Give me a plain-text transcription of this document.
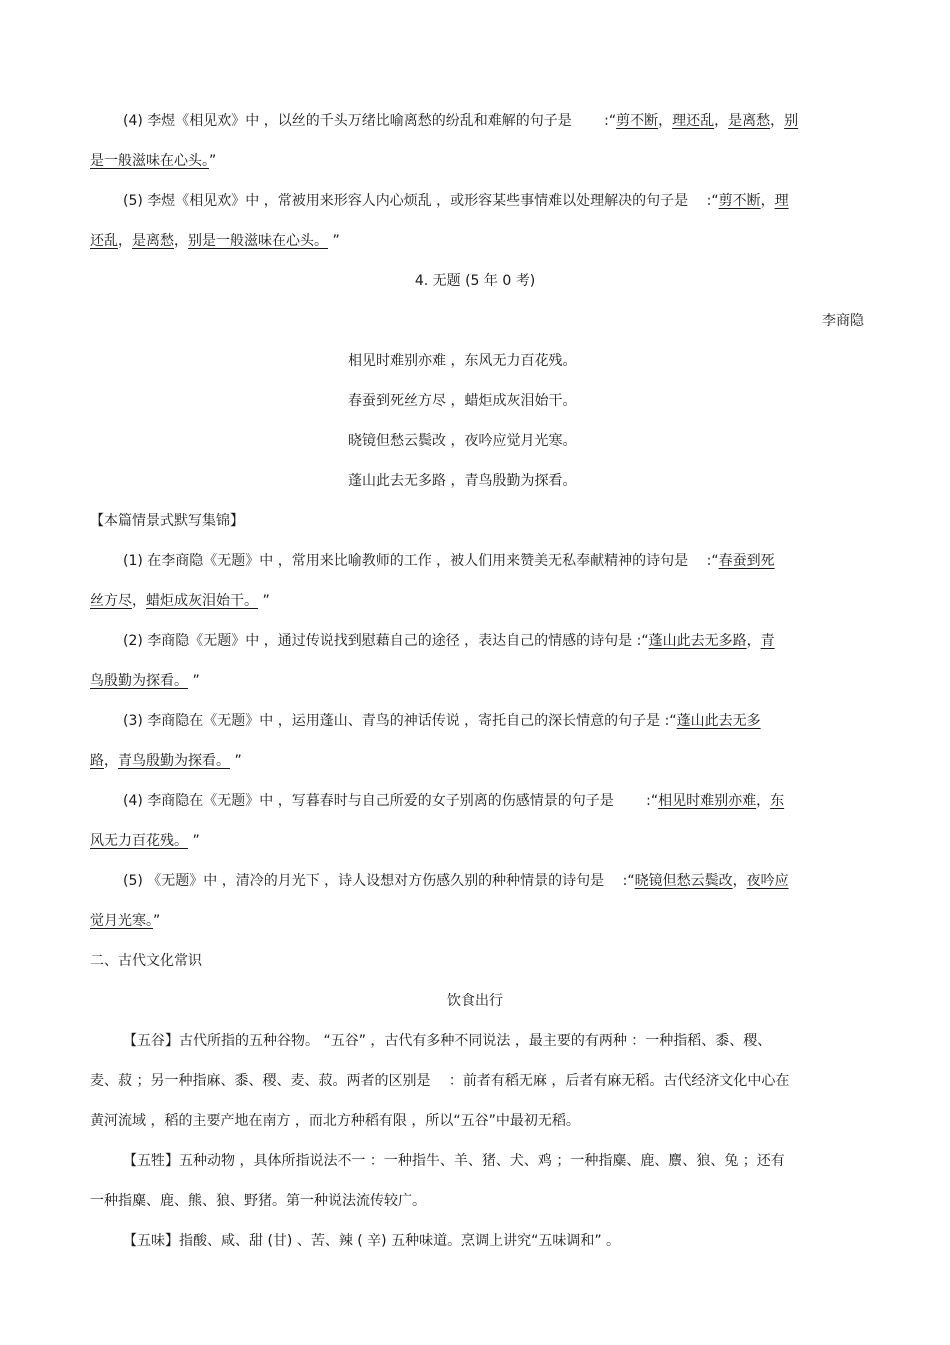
(4) 李煜《相见欢》中 ，以丝的千头万绪比喻离愁的纷乱和难解的句子是　　 :“剪不断，理还乱，是离愁，别
是一般滋味在心头。”
(5) 李煜《相见欢》中 ，常被用来形容人内心烦乱 ，或形容某些事情难以处理解决的句子是　 :“剪不断，理
还乱，是离愁，别是一般滋味在心头。 ”
4. 无题 (5 年 0 考)
李商隐
相见时难别亦难 ，东风无力百花残。
春蚕到死丝方尽 ，蜡炬成灰泪始干。
晓镜但愁云鬓改 ，夜吟应觉月光寒。
蓬山此去无多路 ，青鸟殷勤为探看。
【本篇情景式默写集锦】
(1) 在李商隐《无题》中 ，常用来比喻教师的工作 ，被人们用来赞美无私奉献精神的诗句是　 :“春蚕到死
丝方尽，蜡炬成灰泪始干。 ”
(2) 李商隐《无题》中 ，通过传说找到慰藉自己的途径 ，表达自己的情感的诗句是 :“蓬山此去无多路，青
鸟殷勤为探看。 ”
(3) 李商隐在《无题》中 ，运用蓬山、青鸟的神话传说 ，寄托自己的深长情意的句子是 :“蓬山此去无多
路，青鸟殷勤为探看。 ”
(4) 李商隐在《无题》中 ，写暮春时与自己所爱的女子别离的伤感情景的句子是　　 :“相见时难别亦难，东
风无力百花残。 ”
(5) 《无题》中 ，清冷的月光下 ，诗人设想对方伤感久别的种种情景的诗句是　 :“晓镜但愁云鬓改，夜吟应
觉月光寒。”
二、古代文化常识
饮食出行
【五谷】古代所指的五种谷物。 “五谷” ，古代有多种不同说法 ，最主要的有两种 ：一种指稻、黍、稷、
麦、菽 ；另一种指麻、黍、稷、麦、菽。两者的区别是　 ：前者有稻无麻 ，后者有麻无稻。古代经济文化中心在
黄河流域 ，稻的主要产地在南方 ，而北方种稻有限 ，所以“五谷”中最初无稻。
【五牲】五种动物 ，具体所指说法不一 ：一种指牛、羊、猪、犬、鸡 ；一种指麋、鹿、麖、狼、兔 ；还有
一种指麋、鹿、熊、狼、野猪。第一种说法流传较广。
【五味】指酸、咸、甜 (甘) 、苦、辣 ( 辛) 五种味道。烹调上讲究“五味调和” 。
